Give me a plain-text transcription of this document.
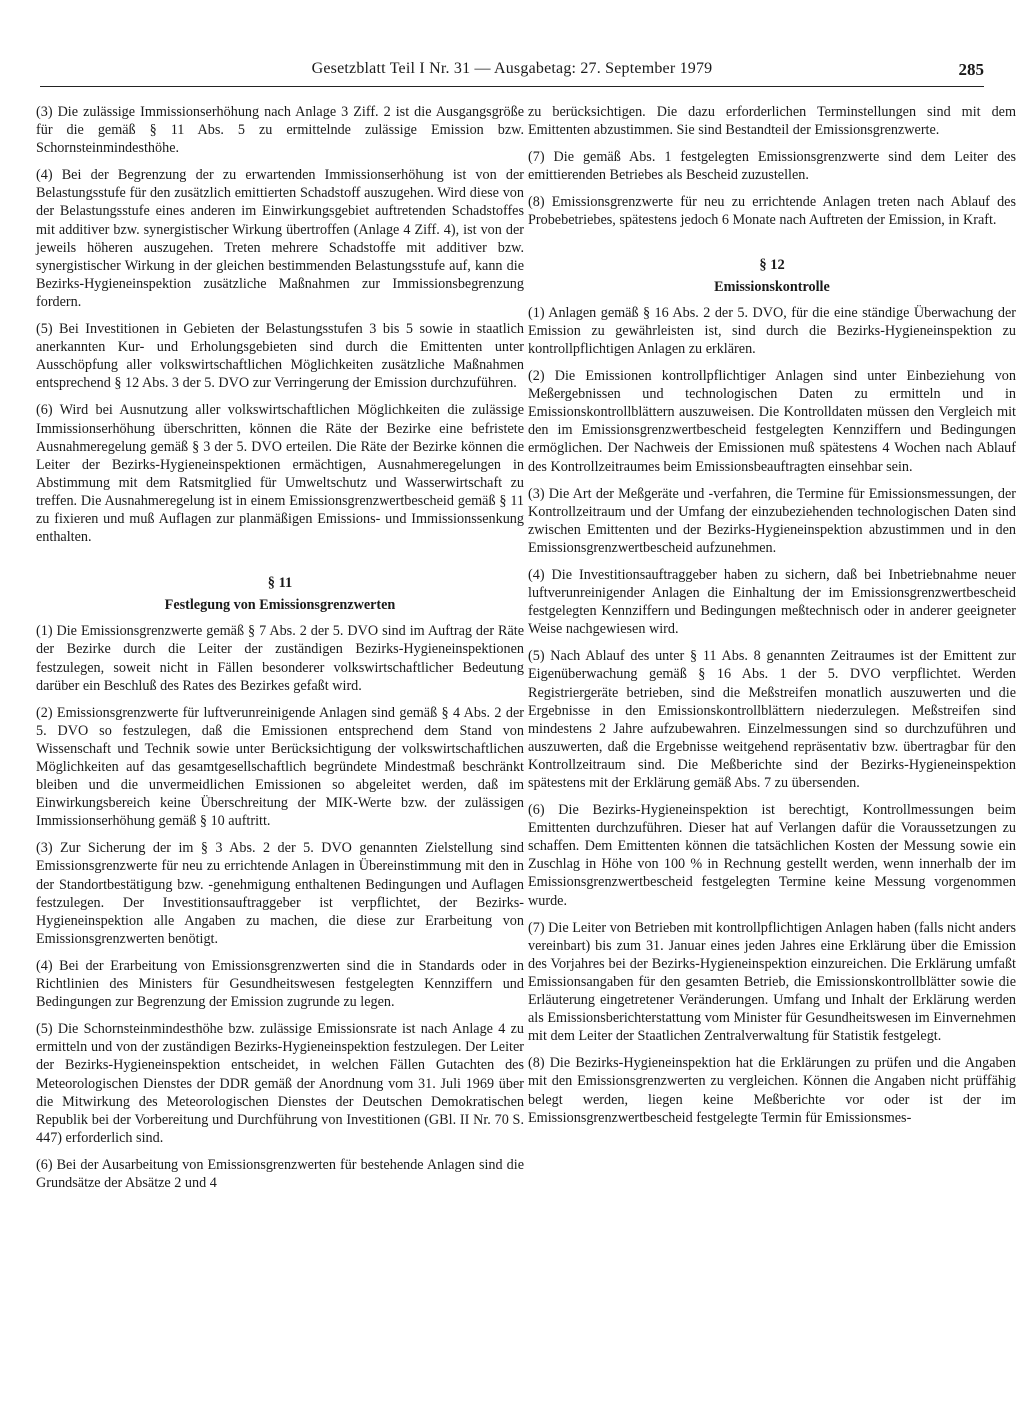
Gesetzblatt Teil I Nr. 31 — Ausgabetag: 27. September 1979	285

(3) Die zulässige Immissionserhöhung nach Anlage 3 Ziff. 2 ist die Ausgangsgröße für die gemäß § 11 Abs. 5 zu ermittelnde zulässige Emission bzw. Schornsteinmindesthöhe.

(4) Bei der Begrenzung der zu erwartenden Immissionserhöhung ist von der Belastungsstufe für den zusätzlich emittierten Schadstoff auszugehen. Wird diese von der Belastungsstufe eines anderen im Einwirkungsgebiet auftretenden Schadstoffes mit additiver bzw. synergistischer Wirkung übertroffen (Anlage 4 Ziff. 4), ist von der jeweils höheren auszugehen. Treten mehrere Schadstoffe mit additiver bzw. synergistischer Wirkung in der gleichen bestimmenden Belastungsstufe auf, kann die Bezirks-Hygieneinspektion zusätzliche Maßnahmen zur Immissionsbegrenzung fordern.

(5) Bei Investitionen in Gebieten der Belastungsstufen 3 bis 5 sowie in staatlich anerkannten Kur- und Erholungsgebieten sind durch die Emittenten unter Ausschöpfung aller volkswirtschaftlichen Möglichkeiten zusätzliche Maßnahmen entsprechend § 12 Abs. 3 der 5. DVO zur Verringerung der Emission durchzuführen.

(6) Wird bei Ausnutzung aller volkswirtschaftlichen Möglichkeiten die zulässige Immissionserhöhung überschritten, können die Räte der Bezirke eine befristete Ausnahmeregelung gemäß § 3 der 5. DVO erteilen. Die Räte der Bezirke können die Leiter der Bezirks-Hygieneinspektionen ermächtigen, Ausnahmeregelungen in Abstimmung mit dem Ratsmitglied für Umweltschutz und Wasserwirtschaft zu treffen. Die Ausnahmeregelung ist in einem Emissionsgrenzwertbescheid gemäß § 11 zu fixieren und muß Auflagen zur planmäßigen Emissions- und Immissionssenkung enthalten.

§ 11
Festlegung von Emissionsgrenzwerten

(1) Die Emissionsgrenzwerte gemäß § 7 Abs. 2 der 5. DVO sind im Auftrag der Räte der Bezirke durch die Leiter der zuständigen Bezirks-Hygieneinspektionen festzulegen, soweit nicht in Fällen besonderer volkswirtschaftlicher Bedeutung darüber ein Beschluß des Rates des Bezirkes gefaßt wird.

(2) Emissionsgrenzwerte für luftverunreinigende Anlagen sind gemäß § 4 Abs. 2 der 5. DVO so festzulegen, daß die Emissionen entsprechend dem Stand von Wissenschaft und Technik sowie unter Berücksichtigung der volkswirtschaftlichen Möglichkeiten auf das gesamtgesellschaftlich begründete Mindestmaß beschränkt bleiben und die unvermeidlichen Emissionen so abgeleitet werden, daß im Einwirkungsbereich keine Überschreitung der MIK-Werte bzw. der zulässigen Immissionserhöhung gemäß § 10 auftritt.

(3) Zur Sicherung der im § 3 Abs. 2 der 5. DVO genannten Zielstellung sind Emissionsgrenzwerte für neu zu errichtende Anlagen in Übereinstimmung mit den in der Standortbestätigung bzw. -genehmigung enthaltenen Bedingungen und Auflagen festzulegen. Der Investitionsauftraggeber ist verpflichtet, der Bezirks-Hygieneinspektion alle Angaben zu machen, die diese zur Erarbeitung von Emissionsgrenzwerten benötigt.

(4) Bei der Erarbeitung von Emissionsgrenzwerten sind die in Standards oder in Richtlinien des Ministers für Gesundheitswesen festgelegten Kennziffern und Bedingungen zur Begrenzung der Emission zugrunde zu legen.

(5) Die Schornsteinmindesthöhe bzw. zulässige Emissionsrate ist nach Anlage 4 zu ermitteln und von der zuständigen Bezirks-Hygieneinspektion festzulegen. Der Leiter der Bezirks-Hygieneinspektion entscheidet, in welchen Fällen Gutachten des Meteorologischen Dienstes der DDR gemäß der Anordnung vom 31. Juli 1969 über die Mitwirkung des Meteorologischen Dienstes der Deutschen Demokratischen Republik bei der Vorbereitung und Durchführung von Investitionen (GBl. II Nr. 70 S. 447) erforderlich sind.

(6) Bei der Ausarbeitung von Emissionsgrenzwerten für bestehende Anlagen sind die Grundsätze der Absätze 2 und 4

zu berücksichtigen. Die dazu erforderlichen Terminstellungen sind mit dem Emittenten abzustimmen. Sie sind Bestandteil der Emissionsgrenzwerte.

(7) Die gemäß Abs. 1 festgelegten Emissionsgrenzwerte sind dem Leiter des emittierenden Betriebes als Bescheid zuzustellen.

(8) Emissionsgrenzwerte für neu zu errichtende Anlagen treten nach Ablauf des Probebetriebes, spätestens jedoch 6 Monate nach Auftreten der Emission, in Kraft.

§ 12
Emissionskontrolle

(1) Anlagen gemäß § 16 Abs. 2 der 5. DVO, für die eine ständige Überwachung der Emission zu gewährleisten ist, sind durch die Bezirks-Hygieneinspektion zu kontrollpflichtigen Anlagen zu erklären.

(2) Die Emissionen kontrollpflichtiger Anlagen sind unter Einbeziehung von Meßergebnissen und technologischen Daten zu ermitteln und in Emissionskontrollblättern auszuweisen. Die Kontrolldaten müssen den Vergleich mit den im Emissionsgrenzwertbescheid festgelegten Kennziffern und Bedingungen ermöglichen. Der Nachweis der Emissionen muß spätestens 4 Wochen nach Ablauf des Kontrollzeitraumes beim Emissionsbeauftragten einsehbar sein.

(3) Die Art der Meßgeräte und -verfahren, die Termine für Emissionsmessungen, der Kontrollzeitraum und der Umfang der einzubeziehenden technologischen Daten sind zwischen Emittenten und der Bezirks-Hygieneinspektion abzustimmen und in den Emissionsgrenzwertbescheid aufzunehmen.

(4) Die Investitionsauftraggeber haben zu sichern, daß bei Inbetriebnahme neuer luftverunreinigender Anlagen die Einhaltung der im Emissionsgrenzwertbescheid festgelegten Kennziffern und Bedingungen meßtechnisch oder in anderer geeigneter Weise nachgewiesen wird.

(5) Nach Ablauf des unter § 11 Abs. 8 genannten Zeitraumes ist der Emittent zur Eigenüberwachung gemäß § 16 Abs. 1 der 5. DVO verpflichtet. Werden Registriergeräte betrieben, sind die Meßstreifen monatlich auszuwerten und die Ergebnisse in den Emissionskontrollblättern niederzulegen. Meßstreifen sind mindestens 2 Jahre aufzubewahren. Einzelmessungen sind so durchzuführen und auszuwerten, daß die Ergebnisse weitgehend repräsentativ bzw. übertragbar für den Kontrollzeitraum sind. Die Meßberichte sind der Bezirks-Hygieneinspektion spätestens mit der Erklärung gemäß Abs. 7 zu übersenden.

(6) Die Bezirks-Hygieneinspektion ist berechtigt, Kontrollmessungen beim Emittenten durchzuführen. Dieser hat auf Verlangen dafür die Voraussetzungen zu schaffen. Dem Emittenten können die tatsächlichen Kosten der Messung sowie ein Zuschlag in Höhe von 100 % in Rechnung gestellt werden, wenn innerhalb der im Emissionsgrenzwertbescheid festgelegten Termine keine Messung vorgenommen wurde.

(7) Die Leiter von Betrieben mit kontrollpflichtigen Anlagen haben (falls nicht anders vereinbart) bis zum 31. Januar eines jeden Jahres eine Erklärung über die Emission des Vorjahres bei der Bezirks-Hygieneinspektion einzureichen. Die Erklärung umfaßt Emissionsangaben für den gesamten Betrieb, die Emissionskontrollblätter sowie die Erläuterung eingetretener Veränderungen. Umfang und Inhalt der Erklärung werden als Emissionsberichterstattung vom Minister für Gesundheitswesen im Einvernehmen mit dem Leiter der Staatlichen Zentralverwaltung für Statistik festgelegt.

(8) Die Bezirks-Hygieneinspektion hat die Erklärungen zu prüfen und die Angaben mit den Emissionsgrenzwerten zu vergleichen. Können die Angaben nicht prüffähig belegt werden, liegen keine Meßberichte vor oder ist der im Emissionsgrenzwertbescheid festgelegte Termin für Emissionsmes-
